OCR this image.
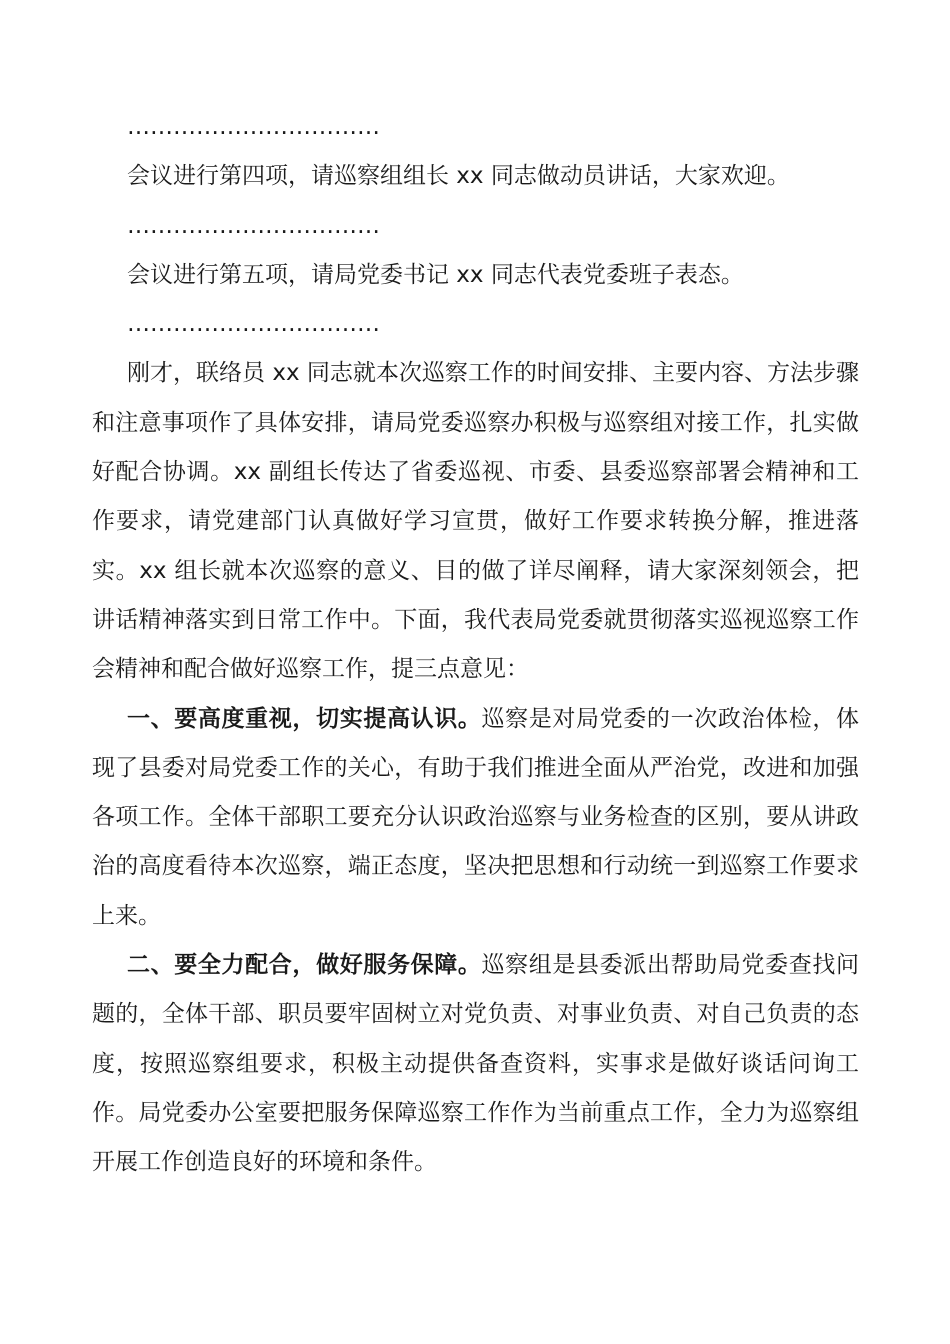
……………………………

会议进行第四项，请巡察组组长 xx 同志做动员讲话，大家欢迎。

……………………………

会议进行第五项，请局党委书记 xx 同志代表党委班子表态。

……………………………

刚才，联络员 xx 同志就本次巡察工作的时间安排、主要内容、方法步骤和注意事项作了具体安排，请局党委巡察办积极与巡察组对接工作，扎实做好配合协调。xx 副组长传达了省委巡视、市委、县委巡察部署会精神和工作要求，请党建部门认真做好学习宣贯，做好工作要求转换分解，推进落实。xx 组长就本次巡察的意义、目的做了详尽阐释，请大家深刻领会，把讲话精神落实到日常工作中。下面，我代表局党委就贯彻落实巡视巡察工作会精神和配合做好巡察工作，提三点意见：

一、要高度重视，切实提高认识。巡察是对局党委的一次政治体检，体现了县委对局党委工作的关心，有助于我们推进全面从严治党，改进和加强各项工作。全体干部职工要充分认识政治巡察与业务检查的区别，要从讲政治的高度看待本次巡察，端正态度，坚决把思想和行动统一到巡察工作要求上来。

二、要全力配合，做好服务保障。巡察组是县委派出帮助局党委查找问题的，全体干部、职员要牢固树立对党负责、对事业负责、对自己负责的态度，按照巡察组要求，积极主动提供备查资料，实事求是做好谈话问询工作。局党委办公室要把服务保障巡察工作作为当前重点工作，全力为巡察组开展工作创造良好的环境和条件。
